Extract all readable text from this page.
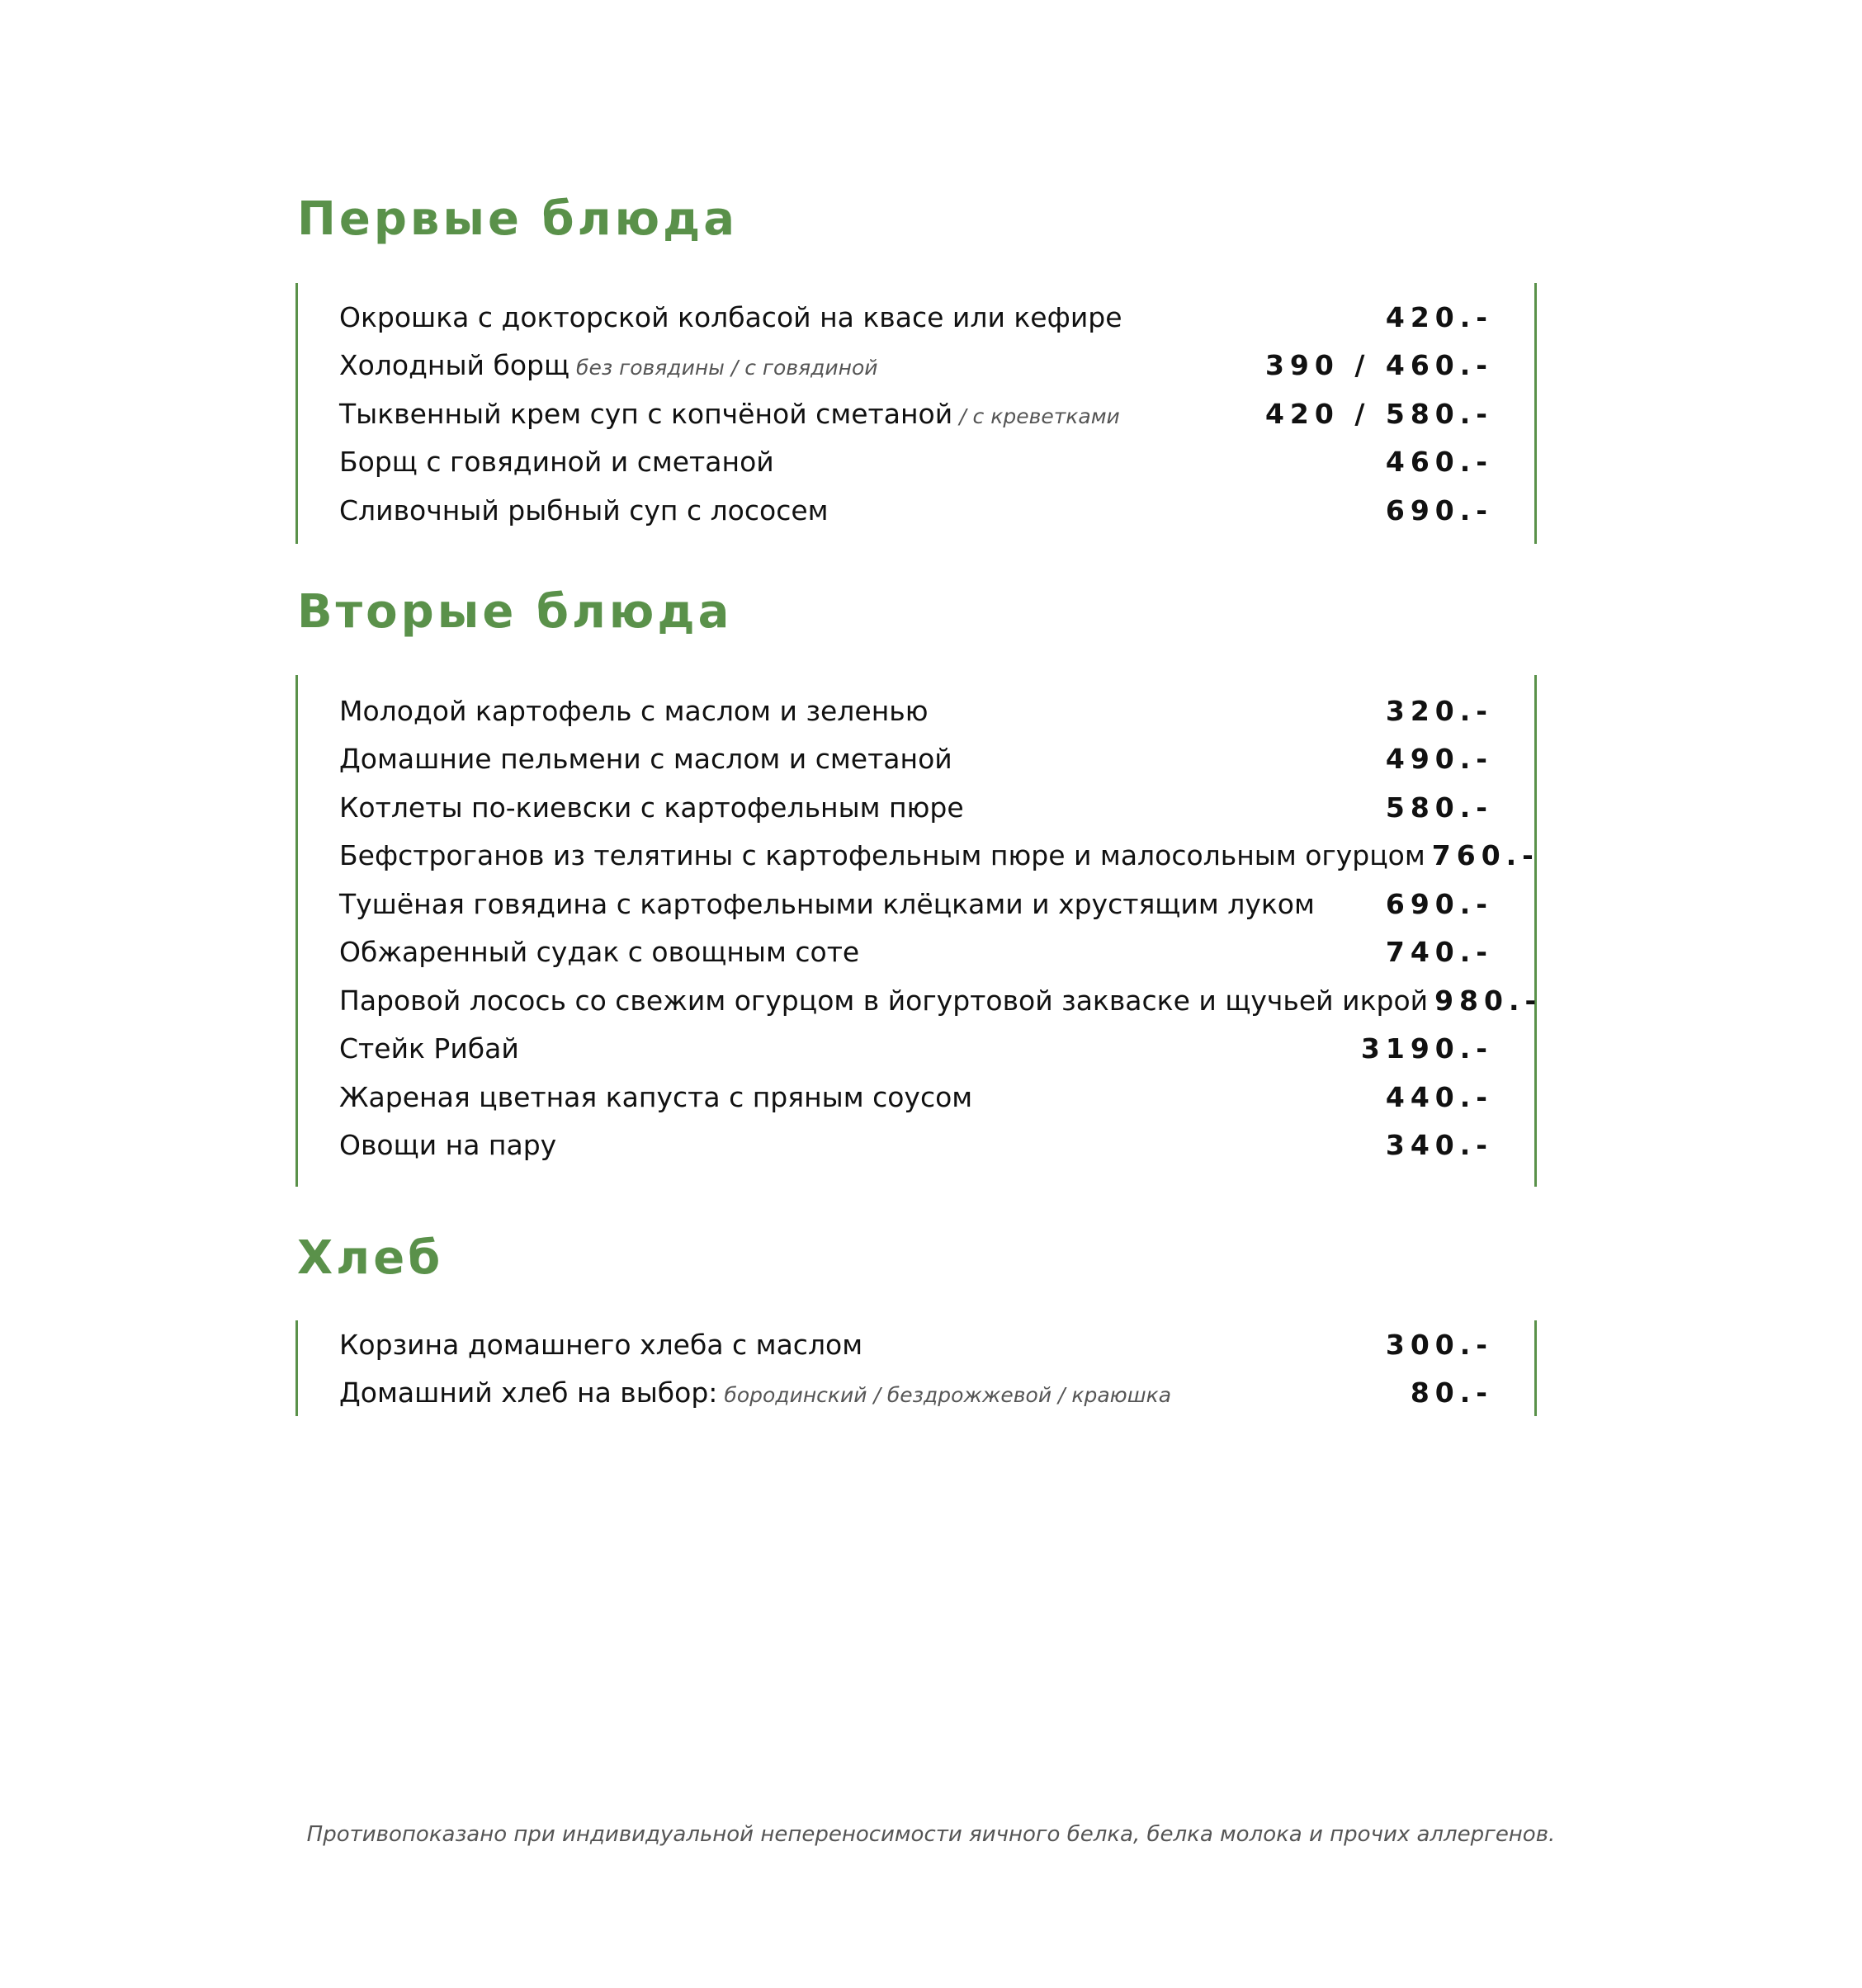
Первые блюда
Окрошка с докторской колбасой на квасе или кефире	420.-
Холодный борщ без говядины / с говядиной	390 / 460.-
Тыквенный крем суп с копчёной сметаной / с креветками	420 / 580.-
Борщ с говядиной и сметаной	460.-
Сливочный рыбный суп с лососем	690.-
Вторые блюда
Молодой картофель с маслом и зеленью	320.-
Домашние пельмени с маслом и сметаной	490.-
Котлеты по-киевски с картофельным пюре	580.-
Бефстроганов из телятины с картофельным пюре и малосольным огурцом 760.-
Тушёная говядина с картофельными клёцками и хрустящим луком	690.-
Обжаренный судак с овощным соте	740.-
Паровой лосось со свежим огурцом в йогуртовой закваске и щучьей икрой 980.-
Стейк Рибай	3190.-
Жареная цветная капуста с пряным соусом	440.-
Овощи на пару	340.-
Хлеб
Корзина домашнего хлеба с маслом	300.-
Домашний хлеб на выбор: бородинский / бездрожжевой / краюшка	80.-

Противопоказано при индивидуальной непереносимости яичного белка, белка молока и прочих аллергенов.
